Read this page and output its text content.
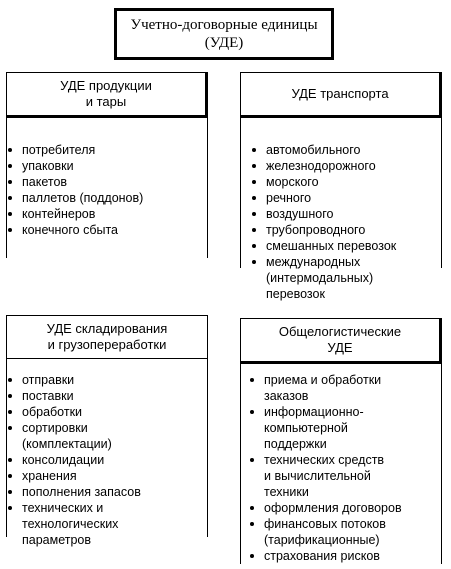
Учетно-договорные единицы
(УДЕ)
УДЕ продукции
и тары
потребителя
упаковки
пакетов
паллетов (поддонов)
контейнеров
конечного сбыта
УДЕ транспорта
автомобильного
железнодорожного
морского
речного
воздушного
трубопроводного
смешанных перевозок
международных
(интермодальных)
перевозок
УДЕ складирования
и грузопереработки
отправки
поставки
обработки
сортировки
(комплектации)
консолидации
хранения
пополнения запасов
технических и
технологических
параметров
Общелогистические
УДЕ
приема и обработки
заказов
информационно-
компьютерной
поддержки
технических средств
и вычислительной
техники
оформления договоров
финансовых потоков
(тарификационные)
страхования рисков
